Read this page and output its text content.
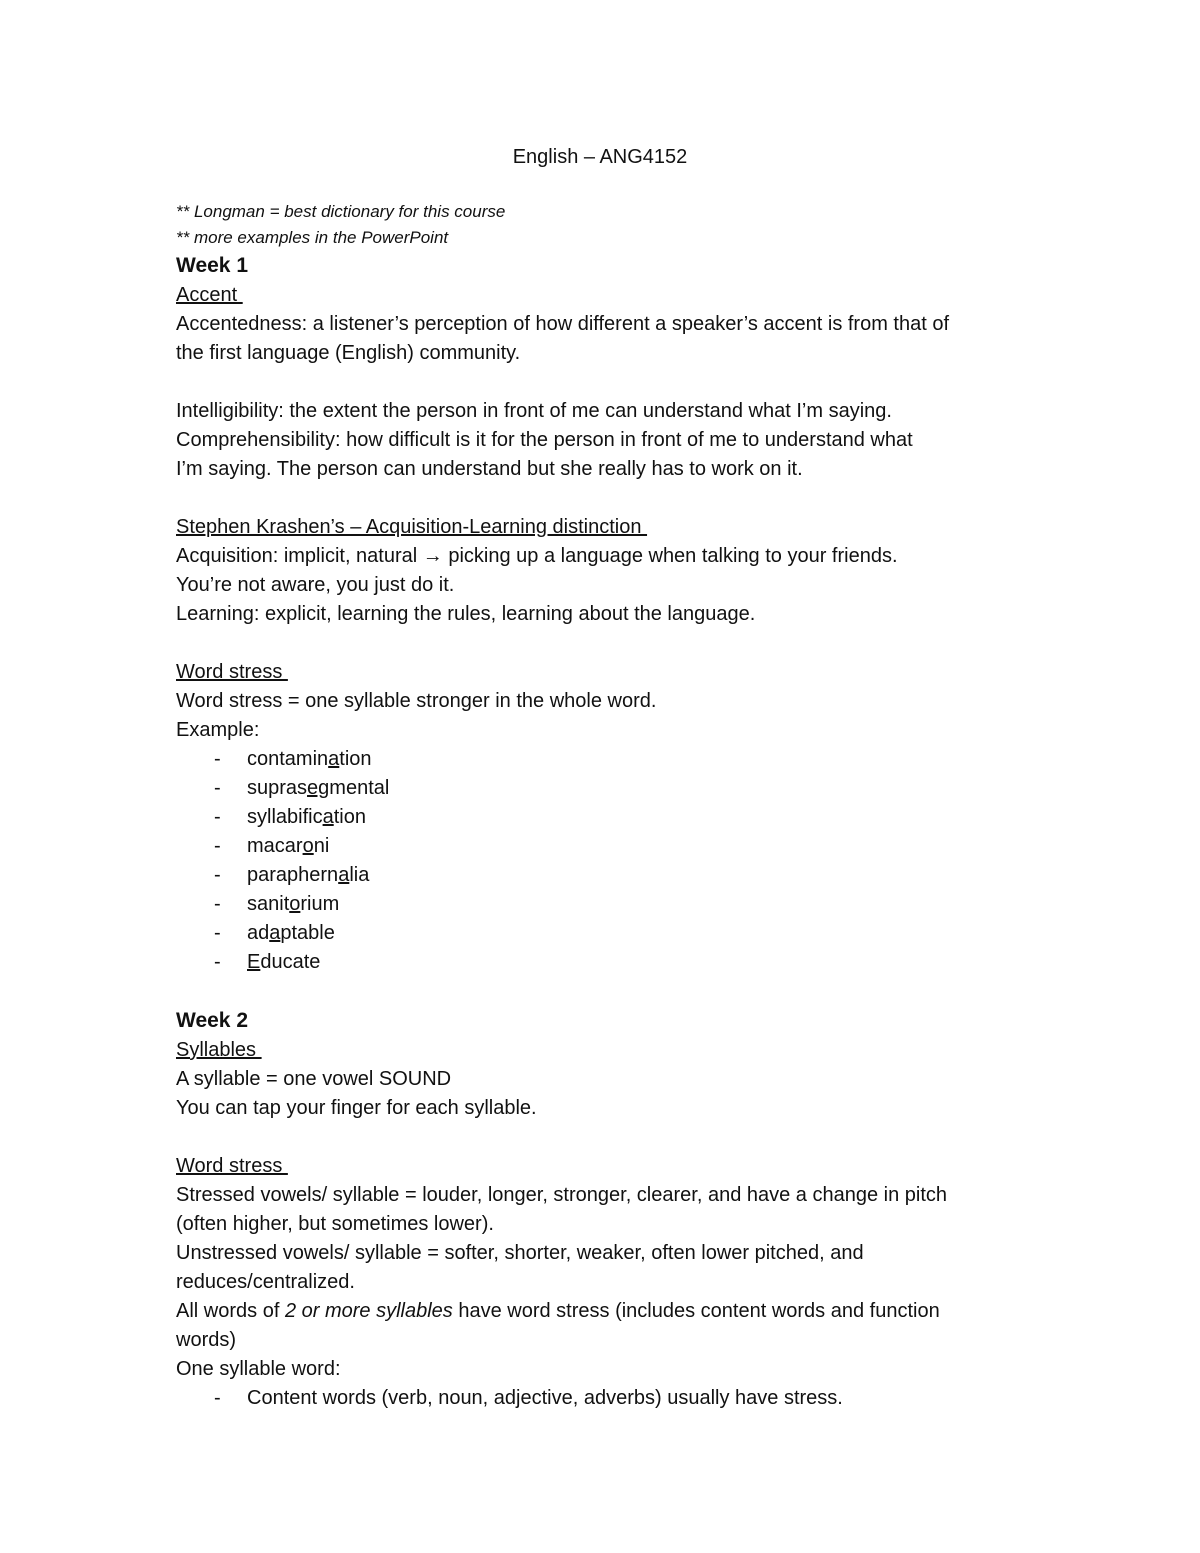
English – ANG4152
** Longman = best dictionary for this course
** more examples in the PowerPoint
Week 1
Accent
Accentedness: a listener’s perception of how different a speaker’s accent is from that of
the first language (English) community.
Intelligibility: the extent the person in front of me can understand what I’m saying.
Comprehensibility: how difficult is it for the person in front of me to understand what
I’m saying. The person can understand but she really has to work on it.
Stephen Krashen’s – Acquisition-Learning distinction
Acquisition: implicit, natural → picking up a language when talking to your friends.
You’re not aware, you just do it.
Learning: explicit, learning the rules, learning about the language.
Word stress
Word stress = one syllable stronger in the whole word.
Example:
- contamination
- suprasegmental
- syllabification
- macaroni
- paraphernalia
- sanitorium
- adaptable
- Educate
Week 2
Syllables
A syllable = one vowel SOUND
You can tap your finger for each syllable.
Word stress
Stressed vowels/ syllable = louder, longer, stronger, clearer, and have a change in pitch
(often higher, but sometimes lower).
Unstressed vowels/ syllable = softer, shorter, weaker, often lower pitched, and
reduces/centralized.
All words of 2 or more syllables have word stress (includes content words and function
words)
One syllable word:
- Content words (verb, noun, adjective, adverbs) usually have stress.
